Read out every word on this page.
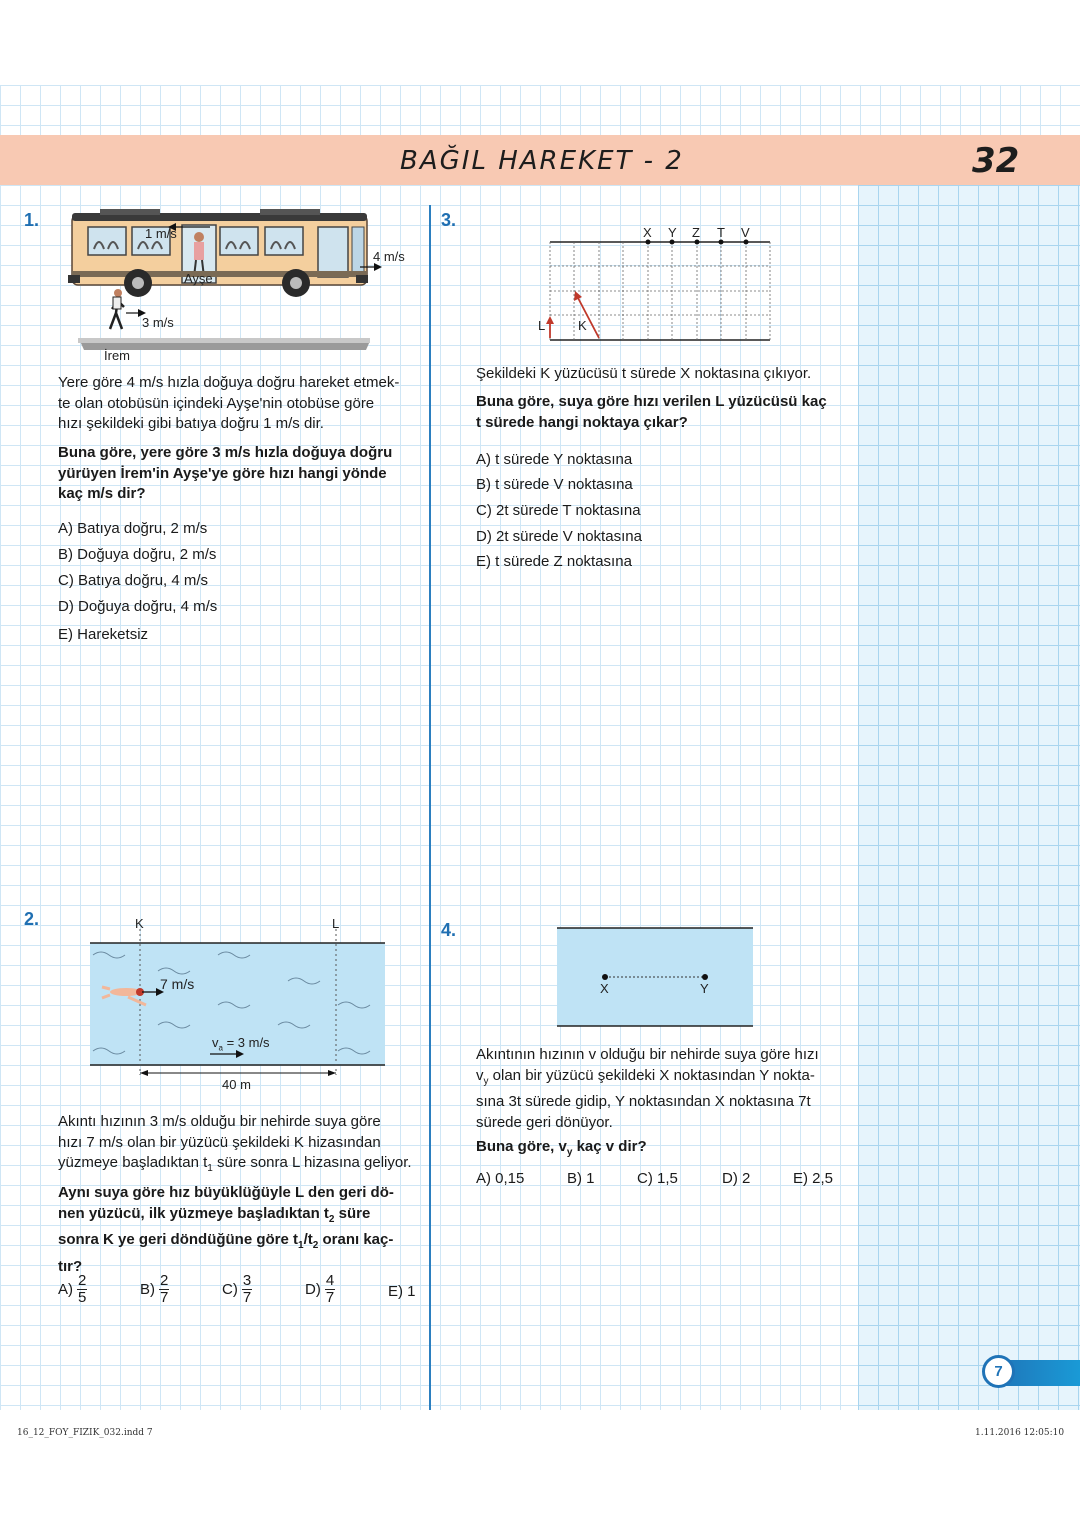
BAĞIL HAREKET - 2	32
1.
1 m/s
4 m/s
Ayşe
3 m/s
İrem
Yere göre 4 m/s hızla doğuya doğru hareket etmek-
te olan otobüsün içindeki Ayşe'nin otobüse göre
hızı şekildeki gibi batıya doğru 1 m/s dir.
Buna göre, yere göre 3 m/s hızla doğuya doğru
yürüyen İrem'in Ayşe'ye göre hızı hangi yönde
kaç m/s dir?
A) Batıya doğru, 2 m/s
B) Doğuya doğru, 2 m/s
C) Batıya doğru, 4 m/s
D) Doğuya doğru, 4 m/s
E) Hareketsiz
2.	K	L
7 m/s
$v_a = 3$ m/s
40 m
Akıntı hızının 3 m/s olduğu bir nehirde suya göre
hızı 7 m/s olan bir yüzücü şekildeki K hizasından
yüzmeye başladıktan $t_1$ süre sonra L hizasına geliyor.
Aynı suya göre hız büyüklüğüyle L den geri dö-
nen yüzücü, ilk yüzmeye başladıktan $t_2$ süre
sonra K ye geri döndüğüne göre $t_1/t_2$ oranı kaç-
tır?
$A) \frac{2}{5}$	$B) \frac{2}{7}$	$C) \frac{3}{7}$	$D) \frac{4}{7}$	E) 1
3.
X Y Z T V
L	K
Şekildeki K yüzücüsü t sürede X noktasına çıkıyor.
Buna göre, suya göre hızı verilen L yüzücüsü kaç
t sürede hangi noktaya çıkar?
A) t sürede Y noktasına
B) t sürede V noktasına
C) 2t sürede T noktasına
D) 2t sürede V noktasına
E) t sürede Z noktasına
4.
X	Y
Akıntının hızının v olduğu bir nehirde suya göre hızı
$v_y$ olan bir yüzücü şekildeki X noktasından Y nokta-
sına 3t sürede gidip, Y noktasından X noktasına 7t
sürede geri dönüyor.
Buna göre, $v_y$ kaç v dir?
A) 0,15	B) 1	C) 1,5	D) 2	E) 2,5
7
16_12_FOY_FIZIK_032.indd 7	1.11.2016 12:05:10
